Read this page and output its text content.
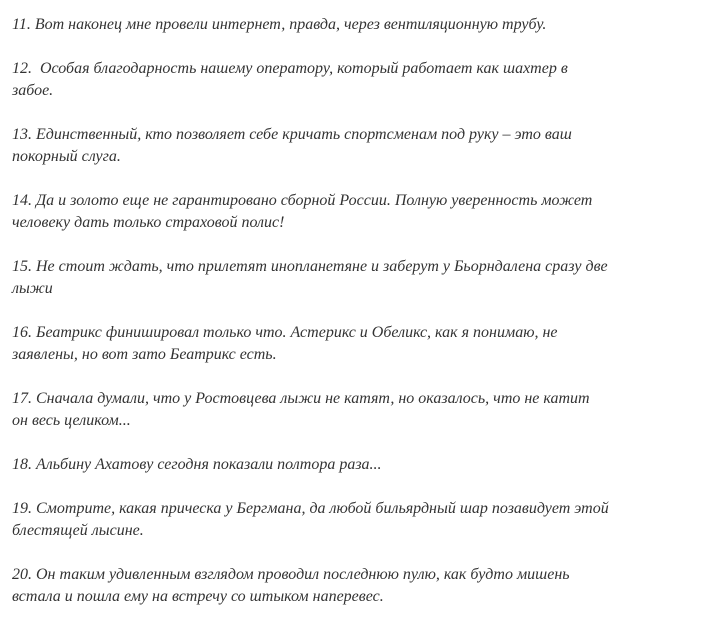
11. Вот наконец мне провели интернет, правда, через вентиляционную трубу.

12.  Особая благодарность нашему оператору, который работает как шахтер в
забое.

13. Единственный, кто позволяет себе кричать спортсменам под руку – это ваш
покорный слуга.

14. Да и золото еще не гарантировано сборной России. Полную уверенность может
человеку дать только страховой полис!

15. Не стоит ждать, что прилетят инопланетяне и заберут у Бьорндалена сразу две
лыжи

16. Беатрикс финишировал только что. Астерикс и Обеликс, как я понимаю, не
заявлены, но вот зато Беатрикс есть.

17. Сначала думали, что у Ростовцева лыжи не катят, но оказалось, что не катит
он весь целиком...

18. Альбину Ахатову сегодня показали полтора раза...

19. Смотрите, какая прическа у Бергмана, да любой бильярдный шар позавидует этой
блестящей лысине.

20. Он таким удивленным взглядом проводил последнюю пулю, как будто мишень
встала и пошла ему на встречу со штыком наперевес.
